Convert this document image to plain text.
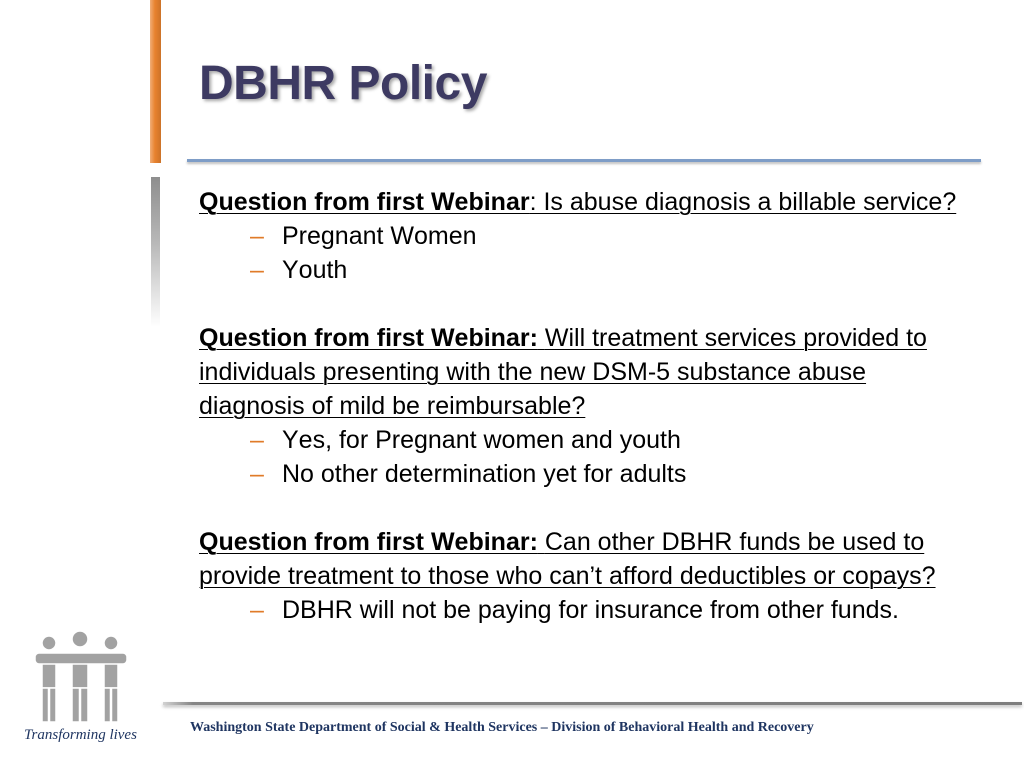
DBHR Policy

Question from first Webinar: Is abuse diagnosis a billable service?

– Pregnant Women
– Youth

Question from first Webinar: Will treatment services provided to individuals presenting with the new DSM-5 substance abuse diagnosis of mild be reimbursable?

– Yes, for Pregnant women and youth
– No other determination yet for adults

Question from first Webinar: Can other DBHR funds be used to provide treatment to those who can’t afford deductibles or copays?

– DBHR will not be paying for insurance from other funds.
Transforming lives	Washington State Department of Social & Health Services – Division of Behavioral Health and Recovery
